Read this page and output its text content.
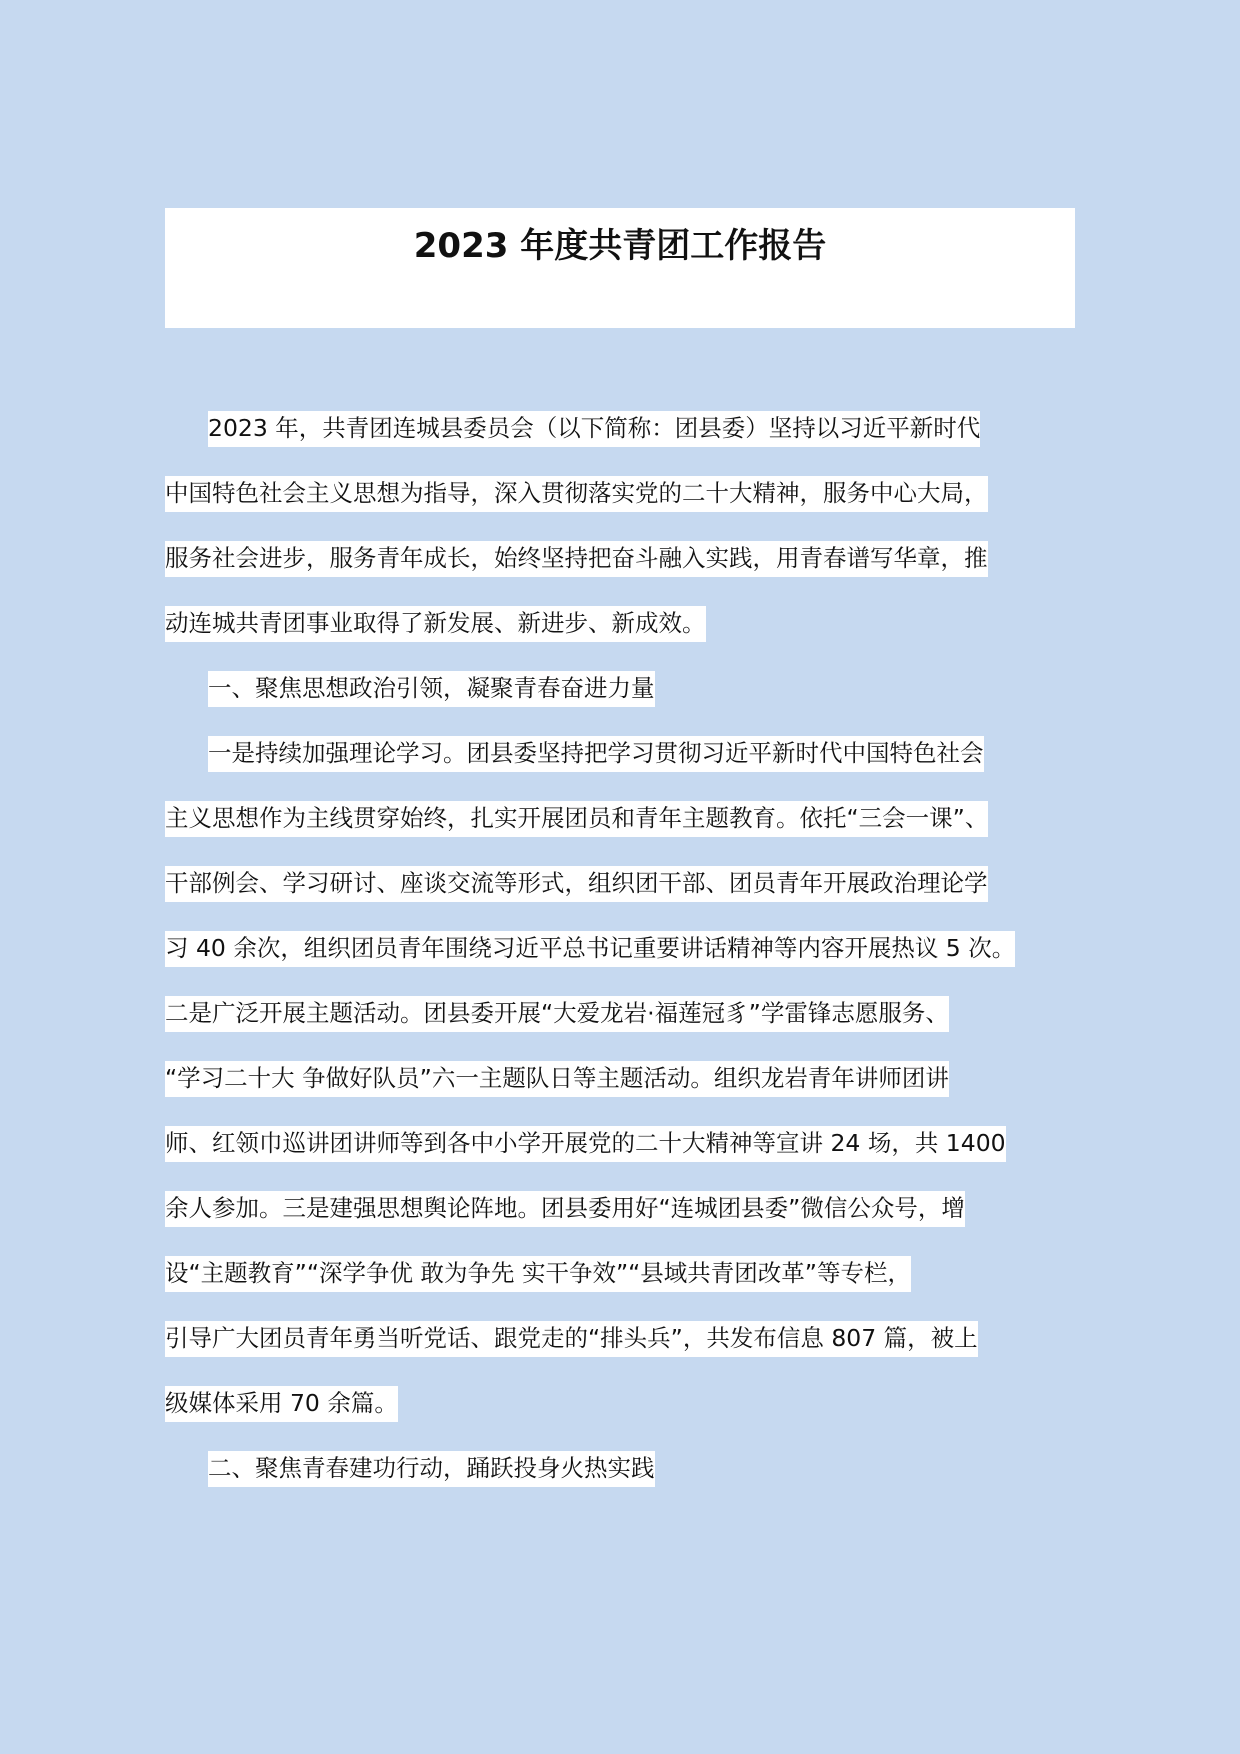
2023 年度共青团工作报告
2023 年，共青团连城县委员会（以下简称：团县委）坚持以习近平新时代
中国特色社会主义思想为指导，深入贯彻落实党的二十大精神，服务中心大局，
服务社会进步，服务青年成长，始终坚持把奋斗融入实践，用青春谱写华章，推
动连城共青团事业取得了新发展、新进步、新成效。
一、聚焦思想政治引领，凝聚青春奋进力量
一是持续加强理论学习。团县委坚持把学习贯彻习近平新时代中国特色社会
主义思想作为主线贯穿始终，扎实开展团员和青年主题教育。依托“三会一课”、
干部例会、学习研讨、座谈交流等形式，组织团干部、团员青年开展政治理论学
习 40 余次，组织团员青年围绕习近平总书记重要讲话精神等内容开展热议 5 次。
二是广泛开展主题活动。团县委开展“大爱龙岩·福莲冠豸”学雷锋志愿服务、
“学习二十大 争做好队员”六一主题队日等主题活动。组织龙岩青年讲师团讲
师、红领巾巡讲团讲师等到各中小学开展党的二十大精神等宣讲 24 场，共 1400
余人参加。三是建强思想舆论阵地。团县委用好“连城团县委”微信公众号，增
设“主题教育”“深学争优 敢为争先 实干争效”“县域共青团改革”等专栏，
引导广大团员青年勇当听党话、跟党走的“排头兵”，共发布信息 807 篇，被上
级媒体采用 70 余篇。
二、聚焦青春建功行动，踊跃投身火热实践
